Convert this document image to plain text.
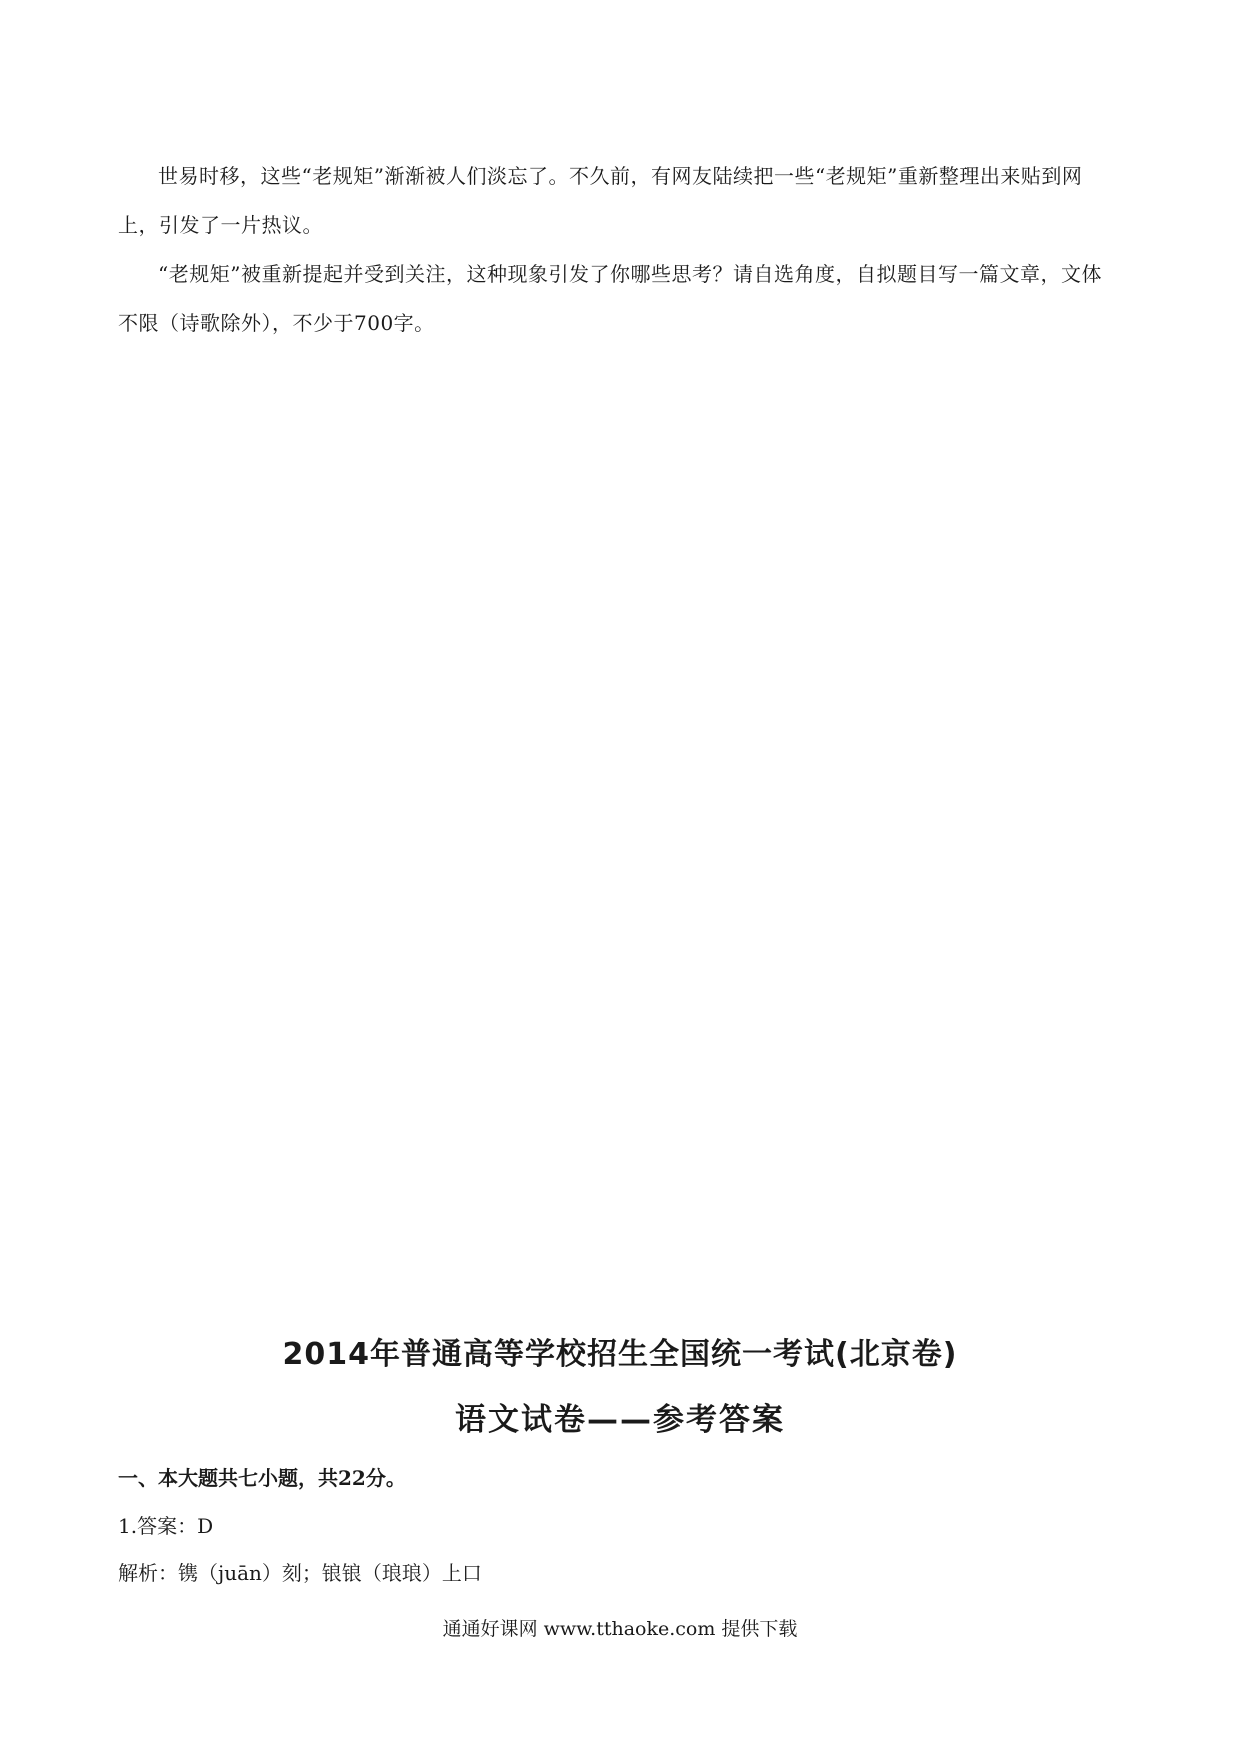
世易时移，这些“老规矩”渐渐被人们淡忘了。不久前，有网友陆续把一些“老规矩”重新整理出来贴到网上，引发了一片热议。

“老规矩”被重新提起并受到关注，这种现象引发了你哪些思考？请自选角度，自拟题目写一篇文章，文体不限（诗歌除外），不少于700字。

2014年普通高等学校招生全国统一考试(北京卷)
语文试卷——参考答案

一、本大题共七小题，共22分。

1.答案：D

解析：镌（juān）刻；锒锒（琅琅）上口

通通好课网 www.tthaoke.com 提供下载
